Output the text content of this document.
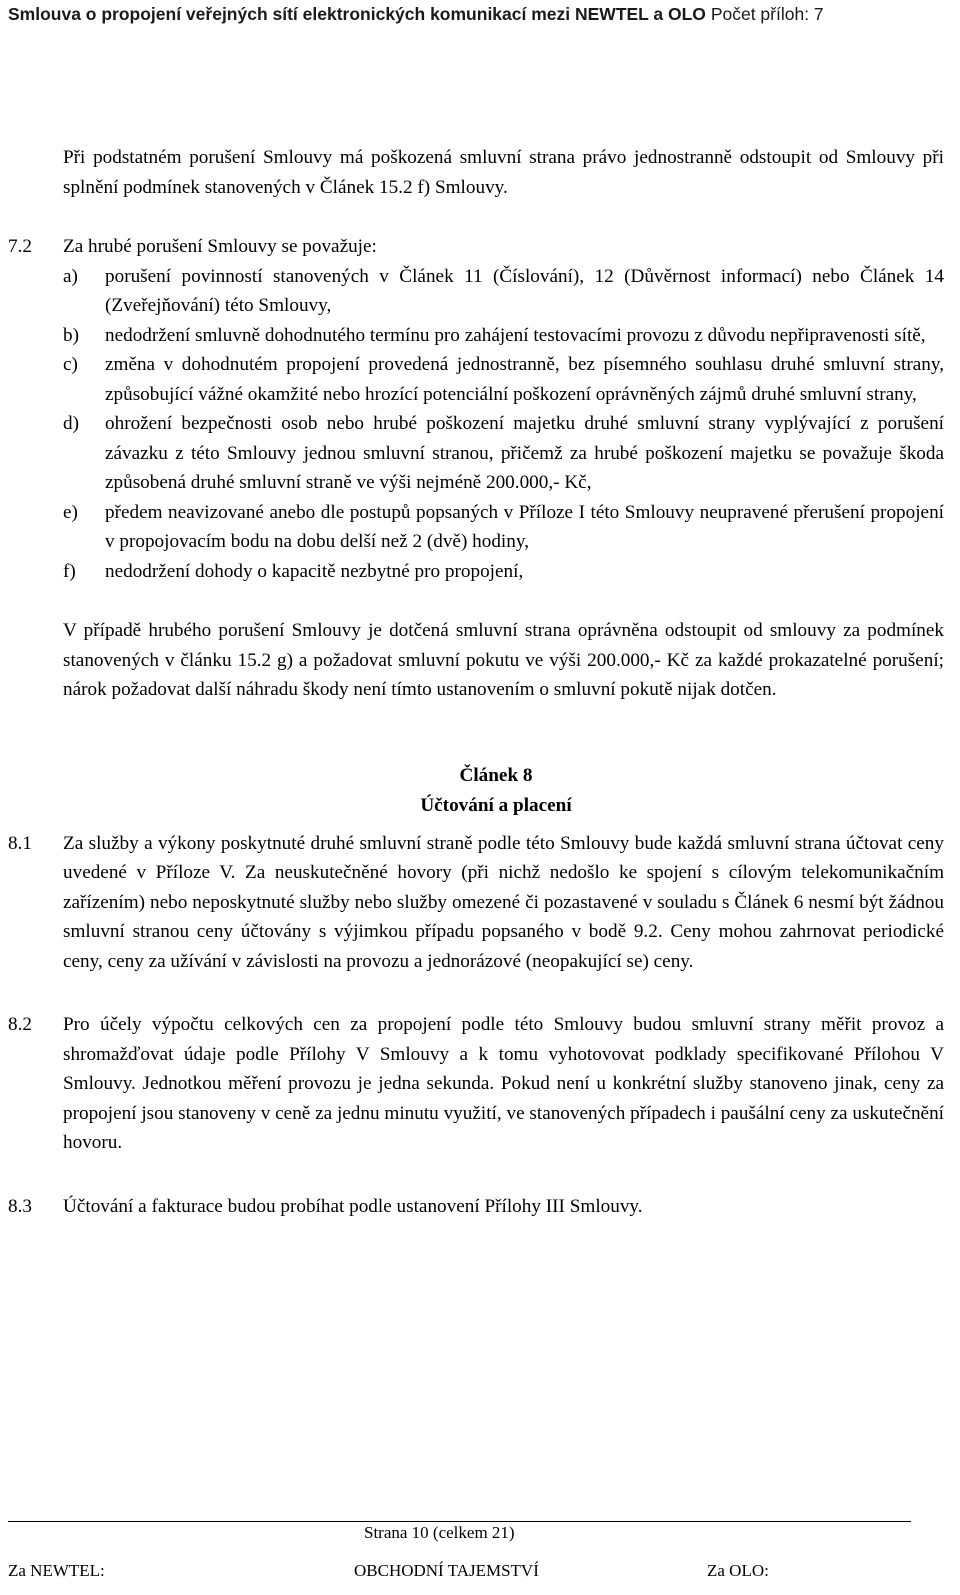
Smlouva o propojení veřejných sítí elektronických komunikací mezi NEWTEL a OLO Počet příloh: 7

Při podstatném porušení Smlouvy má poškozená smluvní strana právo jednostranně odstoupit od Smlouvy při splnění podmínek stanovených v Článek 15.2 f) Smlouvy.

7.2 Za hrubé porušení Smlouvy se považuje:

a) porušení povinností stanovených v Článek 11 (Číslování), 12 (Důvěrnost informací) nebo Článek 14 (Zveřejňování) této Smlouvy,

b) nedodržení smluvně dohodnutého termínu pro zahájení testovacími provozu z důvodu nepřipravenosti sítě,

c) změna v dohodnutém propojení provedená jednostranně, bez písemného souhlasu druhé smluvní strany, způsobující vážné okamžité nebo hrozící potenciální poškození oprávněných zájmů druhé smluvní strany,

d) ohrožení bezpečnosti osob nebo hrubé poškození majetku druhé smluvní strany vyplývající z porušení závazku z této Smlouvy jednou smluvní stranou, přičemž za hrubé poškození majetku se považuje škoda způsobená druhé smluvní straně ve výši nejméně 200.000,- Kč,

e) předem neavizované anebo dle postupů popsaných v Příloze I této Smlouvy neupravené přerušení propojení v propojovacím bodu na dobu delší než 2 (dvě) hodiny,

f) nedodržení dohody o kapacitě nezbytné pro propojení,

V případě hrubého porušení Smlouvy je dotčená smluvní strana oprávněna odstoupit od smlouvy za podmínek stanovených v článku 15.2 g) a požadovat smluvní pokutu ve výši 200.000,- Kč za každé prokazatelné porušení; nárok požadovat další náhradu škody není tímto ustanovením o smluvní pokutě nijak dotčen.

Článek 8
Účtování a placení
8.1 Za služby a výkony poskytnuté druhé smluvní straně podle této Smlouvy bude každá smluvní strana účtovat ceny uvedené v Příloze V. Za neuskutečněné hovory (při nichž nedošlo ke spojení s cílovým telekomunikačním zařízením) nebo neposkytnuté služby nebo služby omezené či pozastavené v souladu s Článek 6 nesmí být žádnou smluvní stranou ceny účtovány s výjimkou případu popsaného v bodě 9.2. Ceny mohou zahrnovat periodické ceny, ceny za užívání v závislosti na provozu a jednorázové (neopakující se) ceny.

8.2 Pro účely výpočtu celkových cen za propojení podle této Smlouvy budou smluvní strany měřit provoz a shromažďovat údaje podle Přílohy V Smlouvy a k tomu vyhotovovat podklady specifikované Přílohou V Smlouvy. Jednotkou měření provozu je jedna sekunda. Pokud není u konkrétní služby stanoveno jinak, ceny za propojení jsou stanoveny v ceně za jednu minutu využití, ve stanovených případech i paušální ceny za uskutečnění hovoru.

8.3 Účtování a fakturace budou probíhat podle ustanovení Přílohy III Smlouvy.

Strana 10 (celkem 21)
Za NEWTEL:	OBCHODNÍ TAJEMSTVÍ	Za OLO:
